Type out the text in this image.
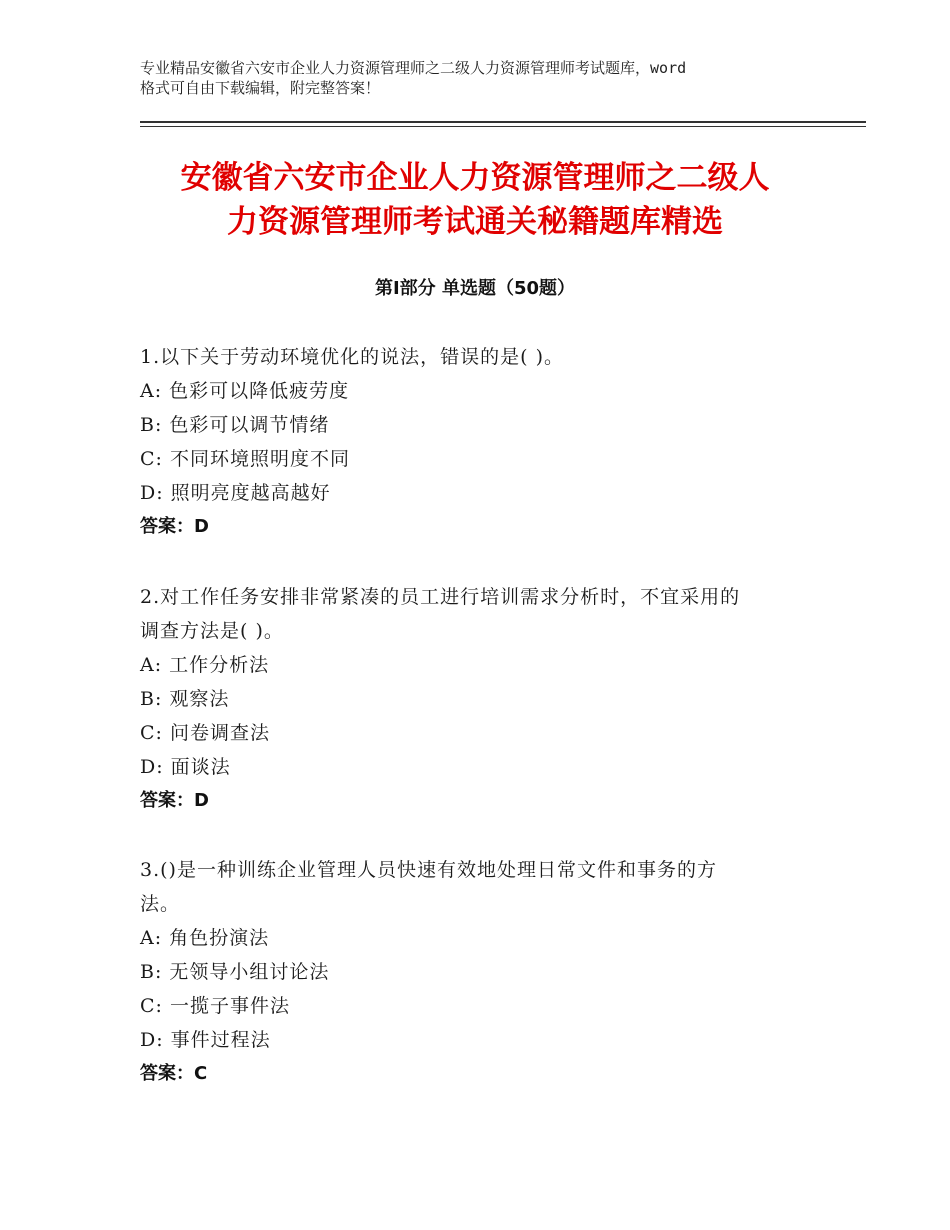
专业精品安徽省六安市企业人力资源管理师之二级人力资源管理师考试题库，word
格式可自由下载编辑，附完整答案！
安徽省六安市企业人力资源管理师之二级人
力资源管理师考试通关秘籍题库精选
第Ⅰ部分 单选题（50题）
1.以下关于劳动环境优化的说法，错误的是( )。
A: 色彩可以降低疲劳度
B: 色彩可以调节情绪
C: 不同环境照明度不同
D: 照明亮度越高越好
答案：D
2.对工作任务安排非常紧凑的员工进行培训需求分析时，不宜采用的
调查方法是( )。
A: 工作分析法
B: 观察法
C: 问卷调查法
D: 面谈法
答案：D
3.()是一种训练企业管理人员快速有效地处理日常文件和事务的方
法。
A: 角色扮演法
B: 无领导小组讨论法
C: 一揽子事件法
D: 事件过程法
答案：C
